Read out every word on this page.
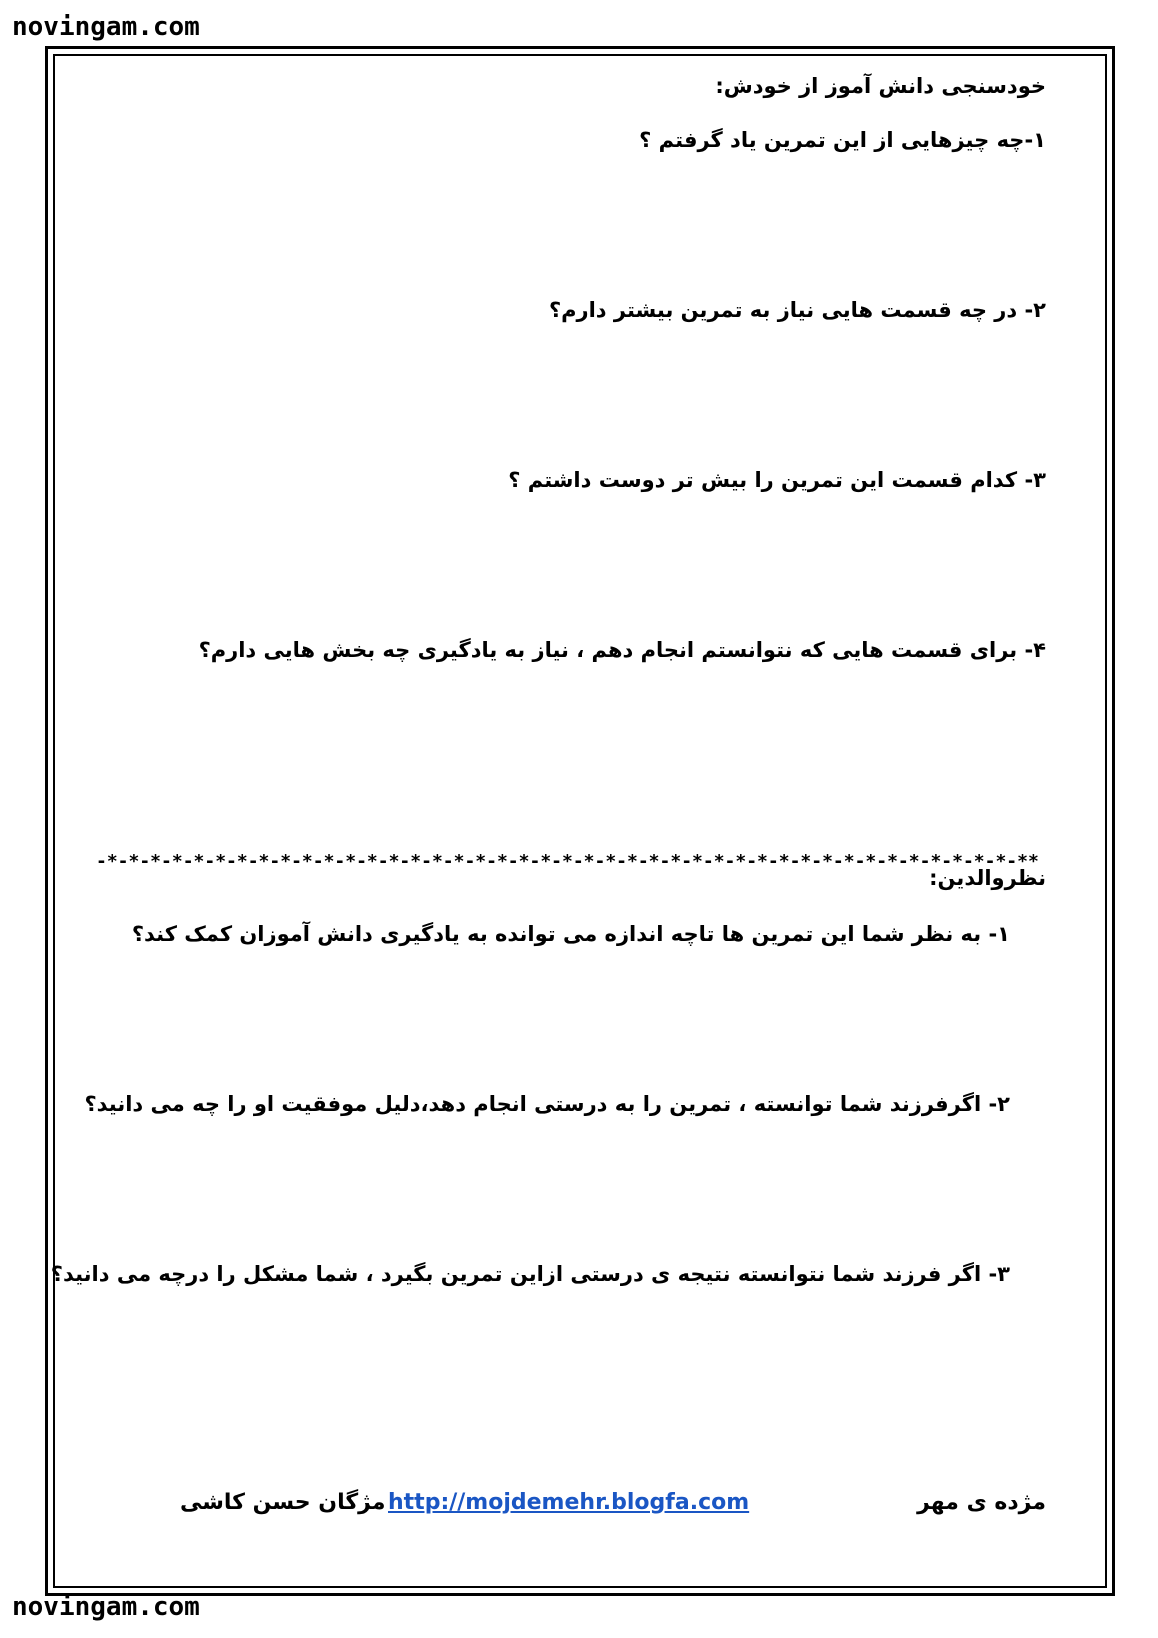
novingam.com
خودسنجی دانش آموز از خودش:
۱-چه چیزهایی از این تمرین یاد گرفتم ؟
۲- در چه قسمت هایی نیاز به تمرین بیشتر دارم؟
۳- کدام قسمت این تمرین را بیش تر دوست داشتم ؟
۴- برای قسمت هایی که نتوانستم انجام دهم ، نیاز به یادگیری چه بخش هایی دارم؟
-*-*-*-*-*-*-*-*-*-*-*-*-*-*-*-*-*-*-*-*-*-*-*-*-*-*-*-*-*-*-*-*-*-*-*-*-*-*-*-*-*-*-**
نظروالدین:
۱- به نظر شما این تمرین ها تاچه اندازه می توانده به یادگیری دانش آموزان کمک کند؟
۲- اگرفرزند شما توانسته ، تمرین را به درستی انجام دهد،دلیل موفقیت او را چه می دانید؟
۳- اگر فرزند شما نتوانسته نتیجه ی درستی ازاین تمرین بگیرد ، شما مشکل را درچه می دانید؟
مژده ی مهر
http://mojdemehr.blogfa.com
مژگان حسن کاشی
novingam.com
